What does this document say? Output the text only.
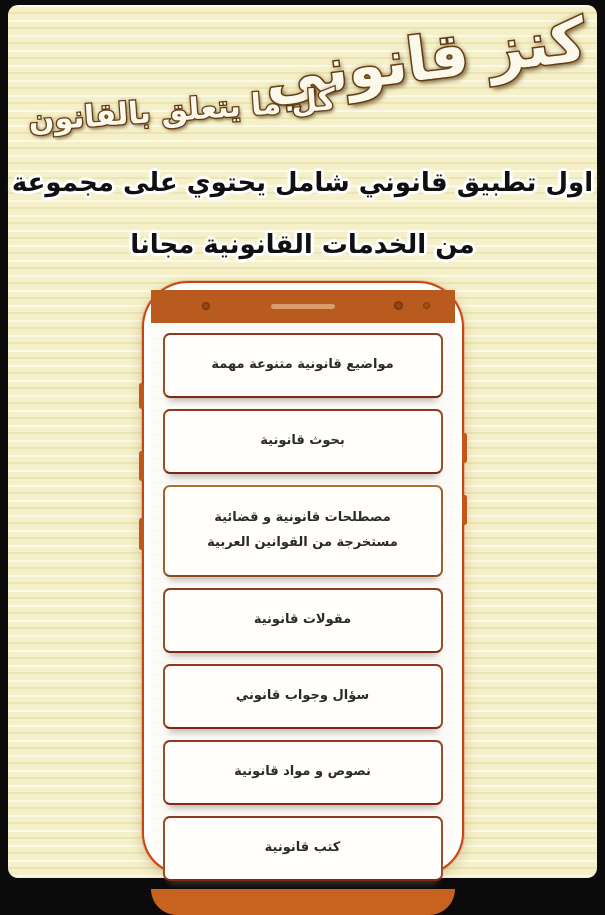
كنز قانوني
كل ما يتعلق بالقانون
اول تطبيق قانوني شامل يحتوي على مجموعة
من الخدمات القانونية مجانا
مواضيع قانونية متنوعة مهمة
بحوث قانونية
مصطلحات قانونية و قضائية مستخرجة من القوانين العربية
مقولات قانونية
سؤال وجواب قانوني
نصوص و مواد قانونية
كتب قانونية
